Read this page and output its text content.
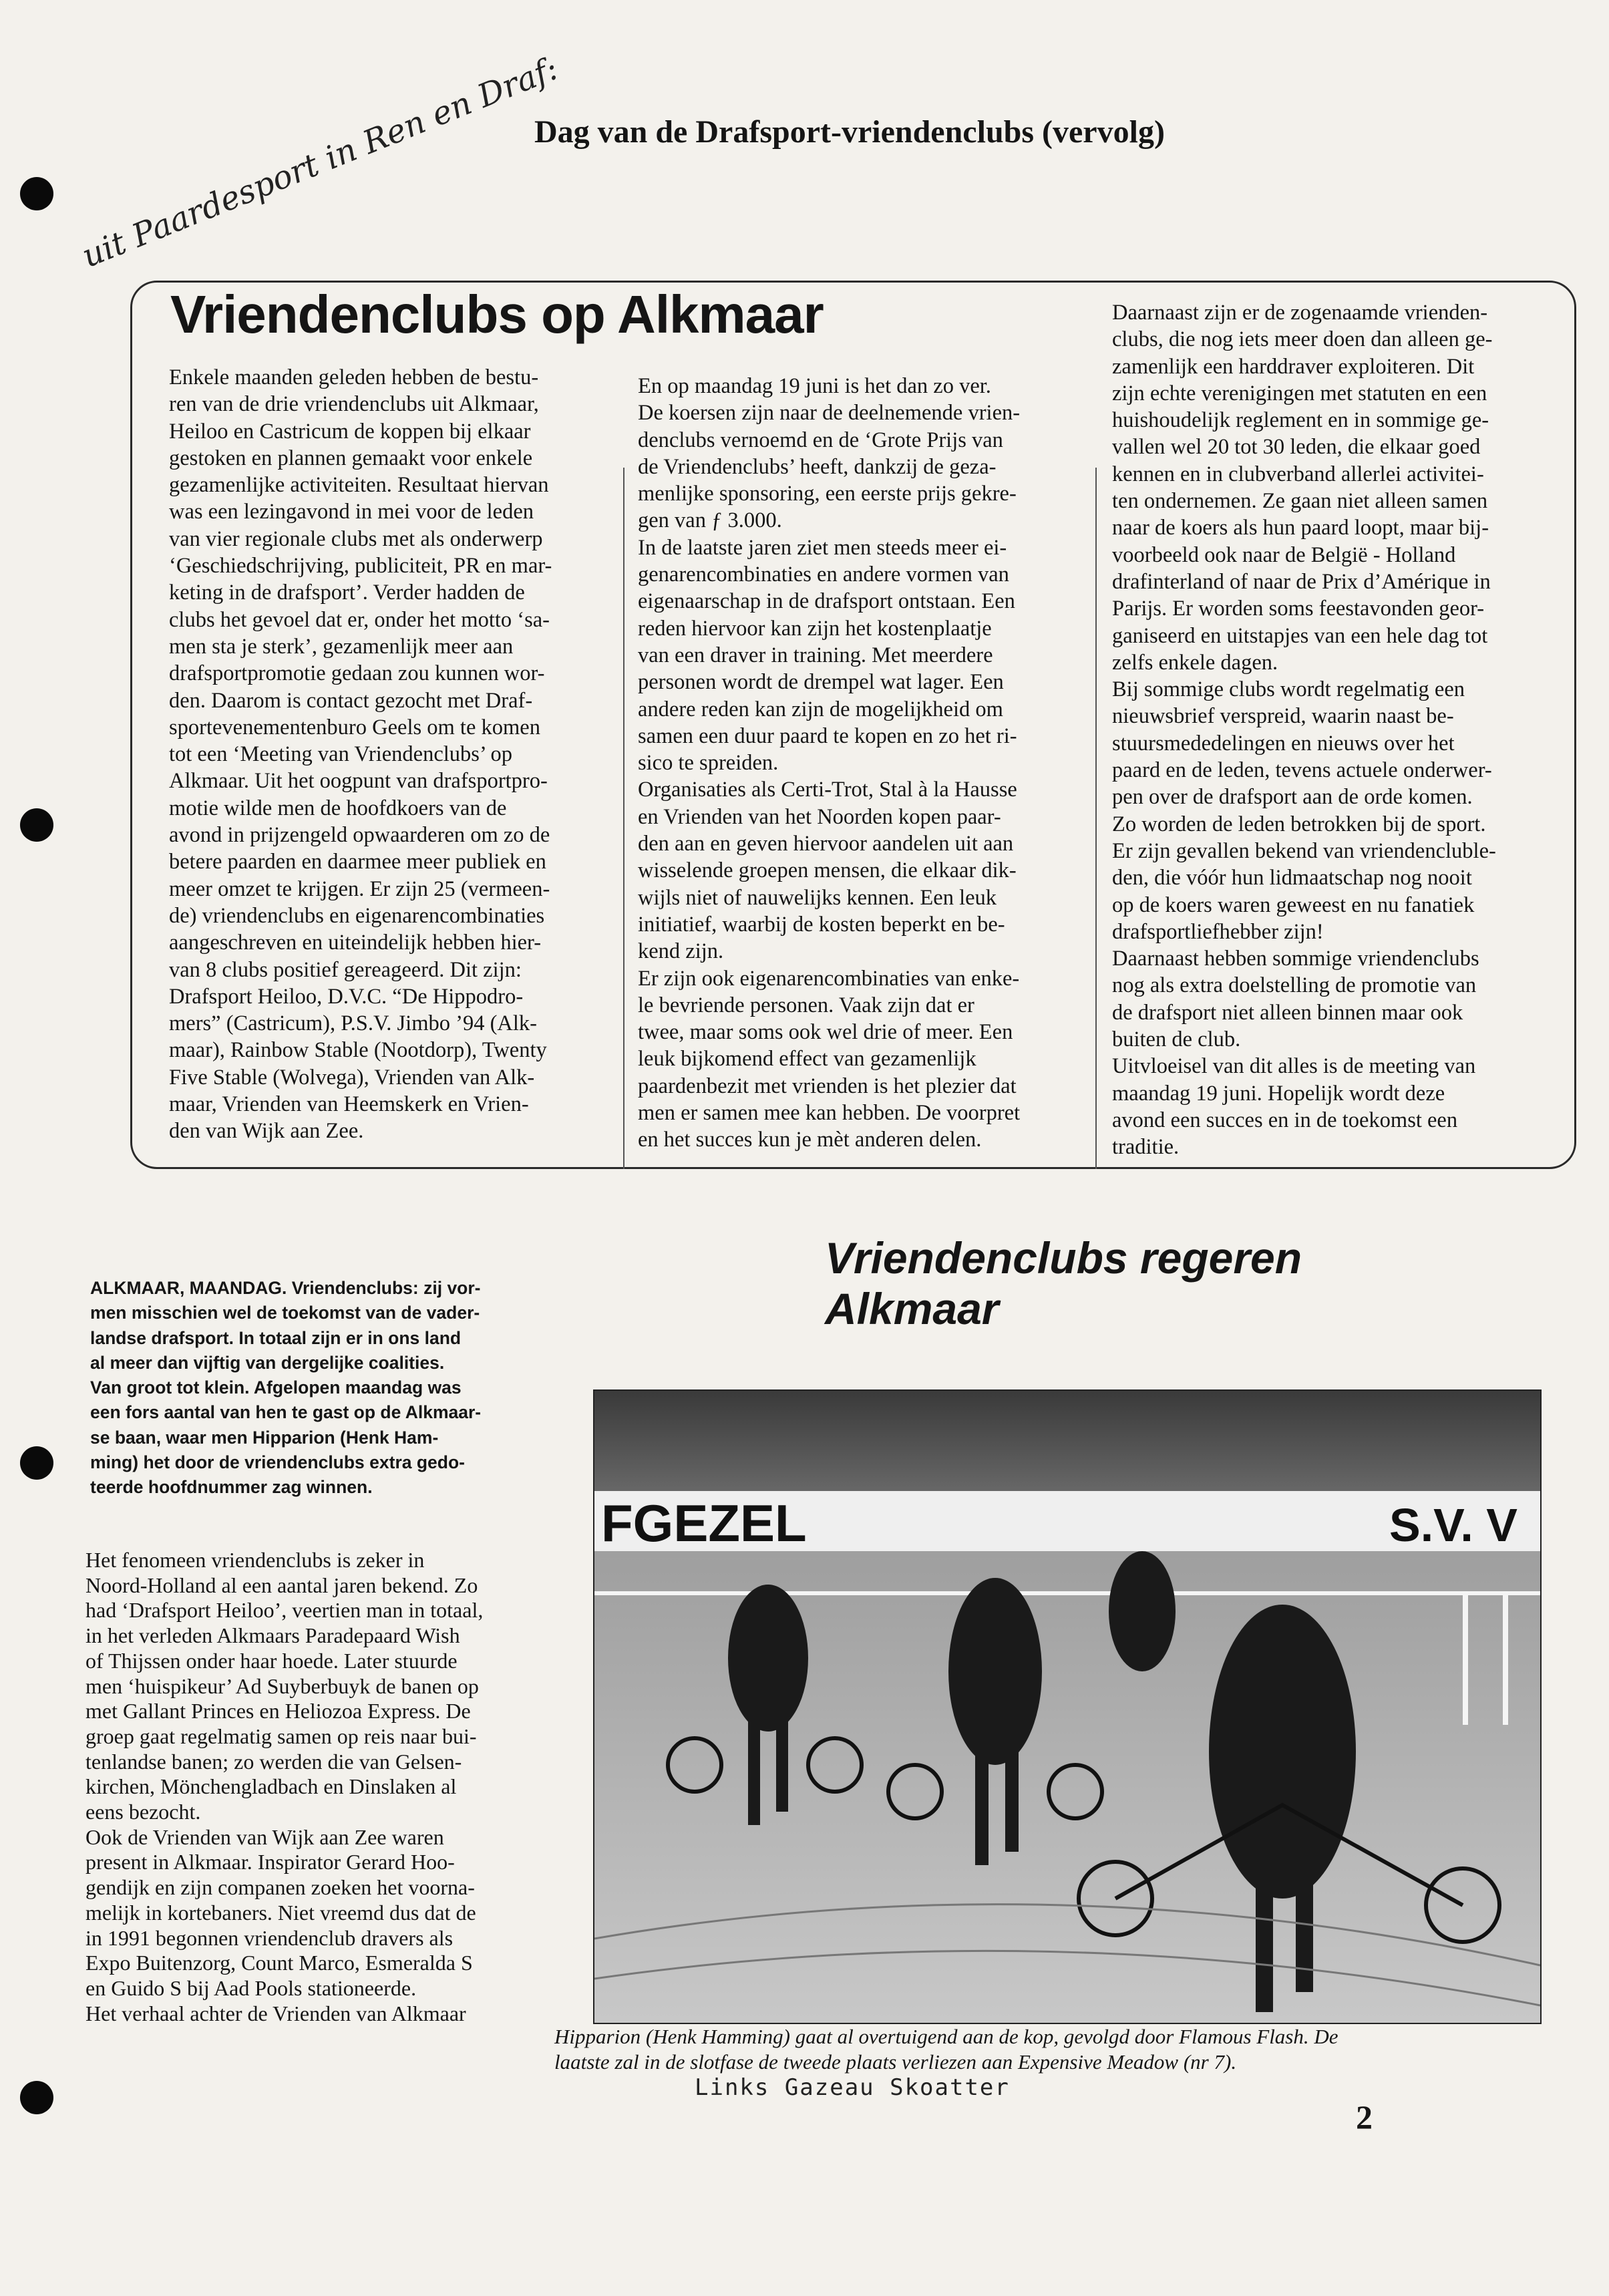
uit Paardesport in Ren en Draf:
Dag van de Drafsport-vriendenclubs (vervolg)
Vriendenclubs op Alkmaar

Enkele maanden geleden hebben de bestu-

ren van de drie vriendenclubs uit Alkmaar,

Heiloo en Castricum de koppen bij elkaar

gestoken en plannen gemaakt voor enkele

gezamenlijke activiteiten. Resultaat hiervan

was een lezingavond in mei voor de leden

van vier regionale clubs met als onderwerp

‘Geschiedschrijving, publiciteit, PR en mar-

keting in de drafsport’. Verder hadden de

clubs het gevoel dat er, onder het motto ‘sa-

men sta je sterk’, gezamenlijk meer aan

drafsportpromotie gedaan zou kunnen wor-

den. Daarom is contact gezocht met Draf-

sportevenementenburo Geels om te komen

tot een ‘Meeting van Vriendenclubs’ op

Alkmaar. Uit het oogpunt van drafsportpro-

motie wilde men de hoofdkoers van de

avond in prijzengeld opwaarderen om zo de

betere paarden en daarmee meer publiek en

meer omzet te krijgen. Er zijn 25 (vermeen-

de) vriendenclubs en eigenarencombinaties

aangeschreven en uiteindelijk hebben hier-

van 8 clubs positief gereageerd. Dit zijn:

Drafsport Heiloo, D.V.C. “De Hippodro-

mers” (Castricum), P.S.V. Jimbo ’94 (Alk-

maar), Rainbow Stable (Nootdorp), Twenty

Five Stable (Wolvega), Vrienden van Alk-

maar, Vrienden van Heemskerk en Vrien-

den van Wijk aan Zee.

En op maandag 19 juni is het dan zo ver.

De koersen zijn naar de deelnemende vrien-

denclubs vernoemd en de ‘Grote Prijs van

de Vriendenclubs’ heeft, dankzij de geza-

menlijke sponsoring, een eerste prijs gekre-

gen van ƒ 3.000.

In de laatste jaren ziet men steeds meer ei-

genarencombinaties en andere vormen van

eigenaarschap in de drafsport ontstaan. Een

reden hiervoor kan zijn het kostenplaatje

van een draver in training. Met meerdere

personen wordt de drempel wat lager. Een

andere reden kan zijn de mogelijkheid om

samen een duur paard te kopen en zo het ri-

sico te spreiden.

Organisaties als Certi-Trot, Stal à la Hausse

en Vrienden van het Noorden kopen paar-

den aan en geven hiervoor aandelen uit aan

wisselende groepen mensen, die elkaar dik-

wijls niet of nauwelijks kennen. Een leuk

initiatief, waarbij de kosten beperkt en be-

kend zijn.

Er zijn ook eigenarencombinaties van enke-

le bevriende personen. Vaak zijn dat er

twee, maar soms ook wel drie of meer. Een

leuk bijkomend effect van gezamenlijk

paardenbezit met vrienden is het plezier dat

men er samen mee kan hebben. De voorpret

en het succes kun je mèt anderen delen.

Daarnaast zijn er de zogenaamde vrienden-

clubs, die nog iets meer doen dan alleen ge-

zamenlijk een harddraver exploiteren. Dit

zijn echte verenigingen met statuten en een

huishoudelijk reglement en in sommige ge-

vallen wel 20 tot 30 leden, die elkaar goed

kennen en in clubverband allerlei activitei-

ten ondernemen. Ze gaan niet alleen samen

naar de koers als hun paard loopt, maar bij-

voorbeeld ook naar de België - Holland

drafinterland of naar de Prix d’Amérique in

Parijs. Er worden soms feestavonden geor-

ganiseerd en uitstapjes van een hele dag tot

zelfs enkele dagen.

Bij sommige clubs wordt regelmatig een

nieuwsbrief verspreid, waarin naast be-

stuursmededelingen en nieuws over het

paard en de leden, tevens actuele onderwer-

pen over de drafsport aan de orde komen.

Zo worden de leden betrokken bij de sport.

Er zijn gevallen bekend van vriendencluble-

den, die vóór hun lidmaatschap nog nooit

op de koers waren geweest en nu fanatiek

drafsportliefhebber zijn!

Daarnaast hebben sommige vriendenclubs

nog als extra doelstelling de promotie van

de drafsport niet alleen binnen maar ook

buiten de club.

Uitvloeisel van dit alles is de meeting van

maandag 19 juni. Hopelijk wordt deze

avond een succes en in de toekomst een

traditie.

Vriendenclubs regeren
Alkmaar

ALKMAAR, MAANDAG. Vriendenclubs: zij vor-

men misschien wel de toekomst van de vader-

landse drafsport. In totaal zijn er in ons land

al meer dan vijftig van dergelijke coalities.

Van groot tot klein. Afgelopen maandag was

een fors aantal van hen te gast op de Alkmaar-

se baan, waar men Hipparion (Henk Ham-

ming) het door de vriendenclubs extra gedo-

teerde hoofdnummer zag winnen.

Het fenomeen vriendenclubs is zeker in

Noord-Holland al een aantal jaren bekend. Zo

had ‘Drafsport Heiloo’, veertien man in totaal,

in het verleden Alkmaars Paradepaard Wish

of Thijssen onder haar hoede. Later stuurde

men ‘huispikeur’ Ad Suyberbuyk de banen op

met Gallant Princes en Heliozoa Express. De

groep gaat regelmatig samen op reis naar bui-

tenlandse banen; zo werden die van Gelsen-

kirchen, Mönchengladbach en Dinslaken al

eens bezocht.

Ook de Vrienden van Wijk aan Zee waren

present in Alkmaar. Inspirator Gerard Hoo-

gendijk en zijn companen zoeken het voorna-

melijk in kortebaners. Niet vreemd dus dat de

in 1991 begonnen vriendenclub dravers als

Expo Buitenzorg, Count Marco, Esmeralda S

en Guido S bij Aad Pools stationeerde.

Het verhaal achter de Vrienden van Alkmaar

FGEZEL	S.V. V

Hipparion (Henk Hamming) gaat al overtuigend aan de kop, gevolgd door Flamous Flash. De

laatste zal in de slotfase de tweede plaats verliezen aan Expensive Meadow (nr 7).

Links Gazeau Skoatter
2
